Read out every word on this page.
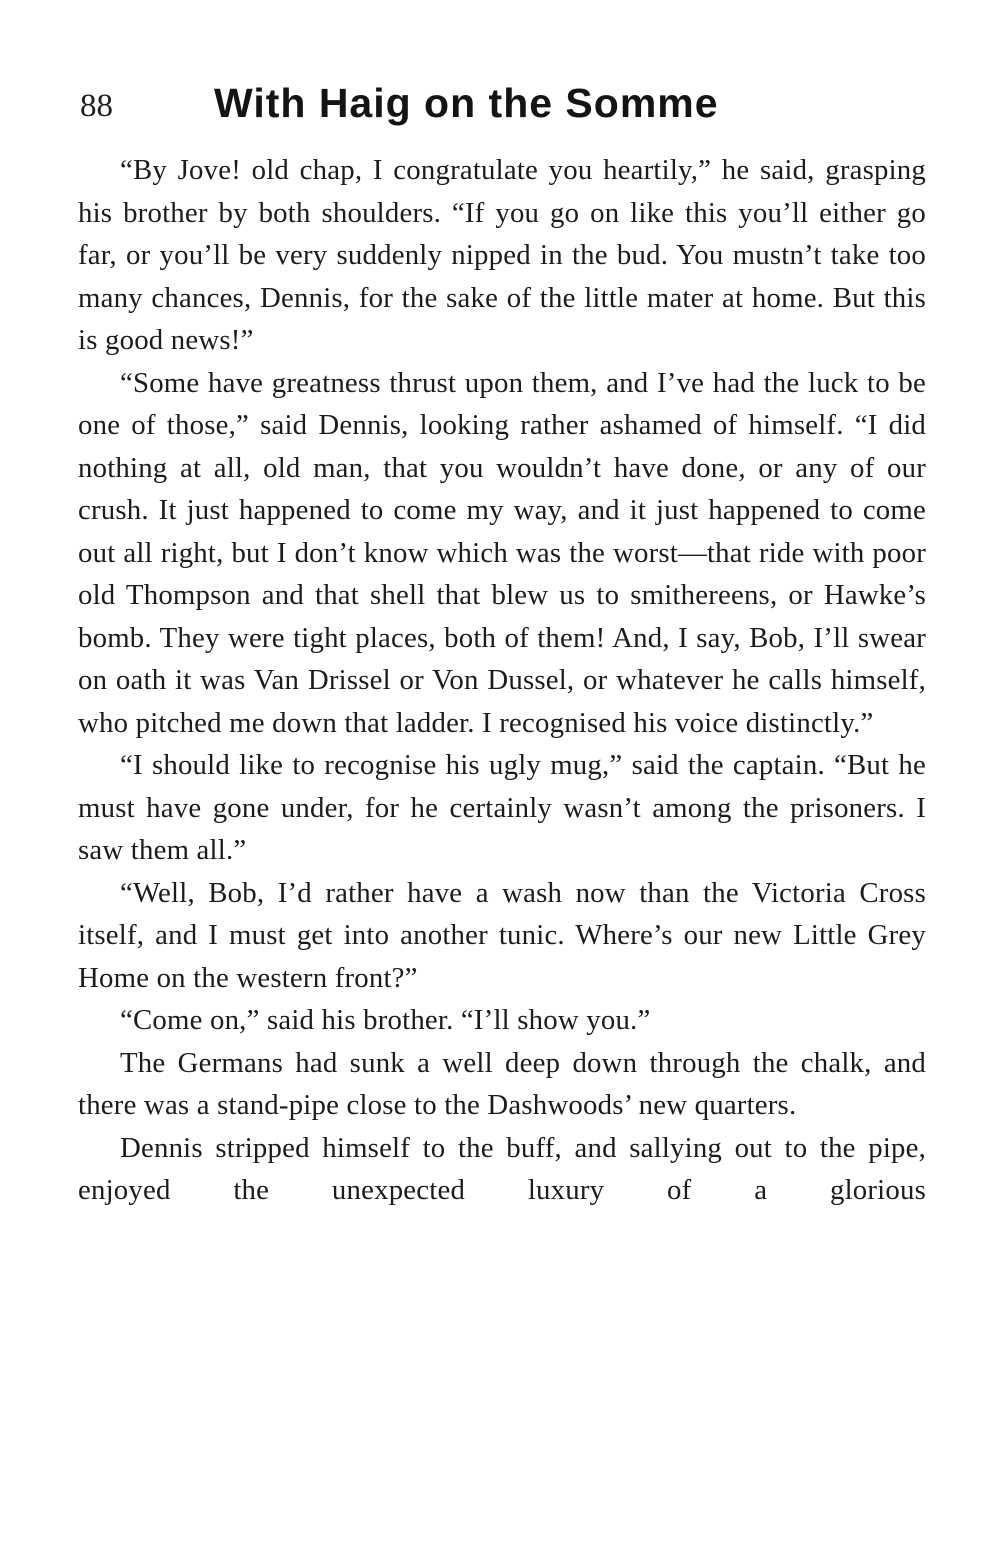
88 With Haig on the Somme

“By Jove! old chap, I congratulate you heartily,” he said, grasping his brother by both shoulders. “If you go on like this you’ll either go far, or you’ll be very suddenly nipped in the bud. You mustn’t take too many chances, Dennis, for the sake of the little mater at home. But this is good news!”

“Some have greatness thrust upon them, and I’ve had the luck to be one of those,” said Dennis, looking rather ashamed of himself. “I did nothing at all, old man, that you wouldn’t have done, or any of our crush. It just happened to come my way, and it just happened to come out all right, but I don’t know which was the worst—that ride with poor old Thompson and that shell that blew us to smithereens, or Hawke’s bomb. They were tight places, both of them! And, I say, Bob, I’ll swear on oath it was Van Drissel or Von Dussel, or whatever he calls himself, who pitched me down that ladder. I recognised his voice distinctly.”

“I should like to recognise his ugly mug,” said the captain. “But he must have gone under, for he certainly wasn’t among the prisoners. I saw them all.”

“Well, Bob, I’d rather have a wash now than the Victoria Cross itself, and I must get into another tunic. Where’s our new Little Grey Home on the western front?”

“Come on,” said his brother. “I’ll show you.”

The Germans had sunk a well deep down through the chalk, and there was a stand-pipe close to the Dashwoods’ new quarters.

Dennis stripped himself to the buff, and sallying out to the pipe, enjoyed the unexpected luxury of a glorious
